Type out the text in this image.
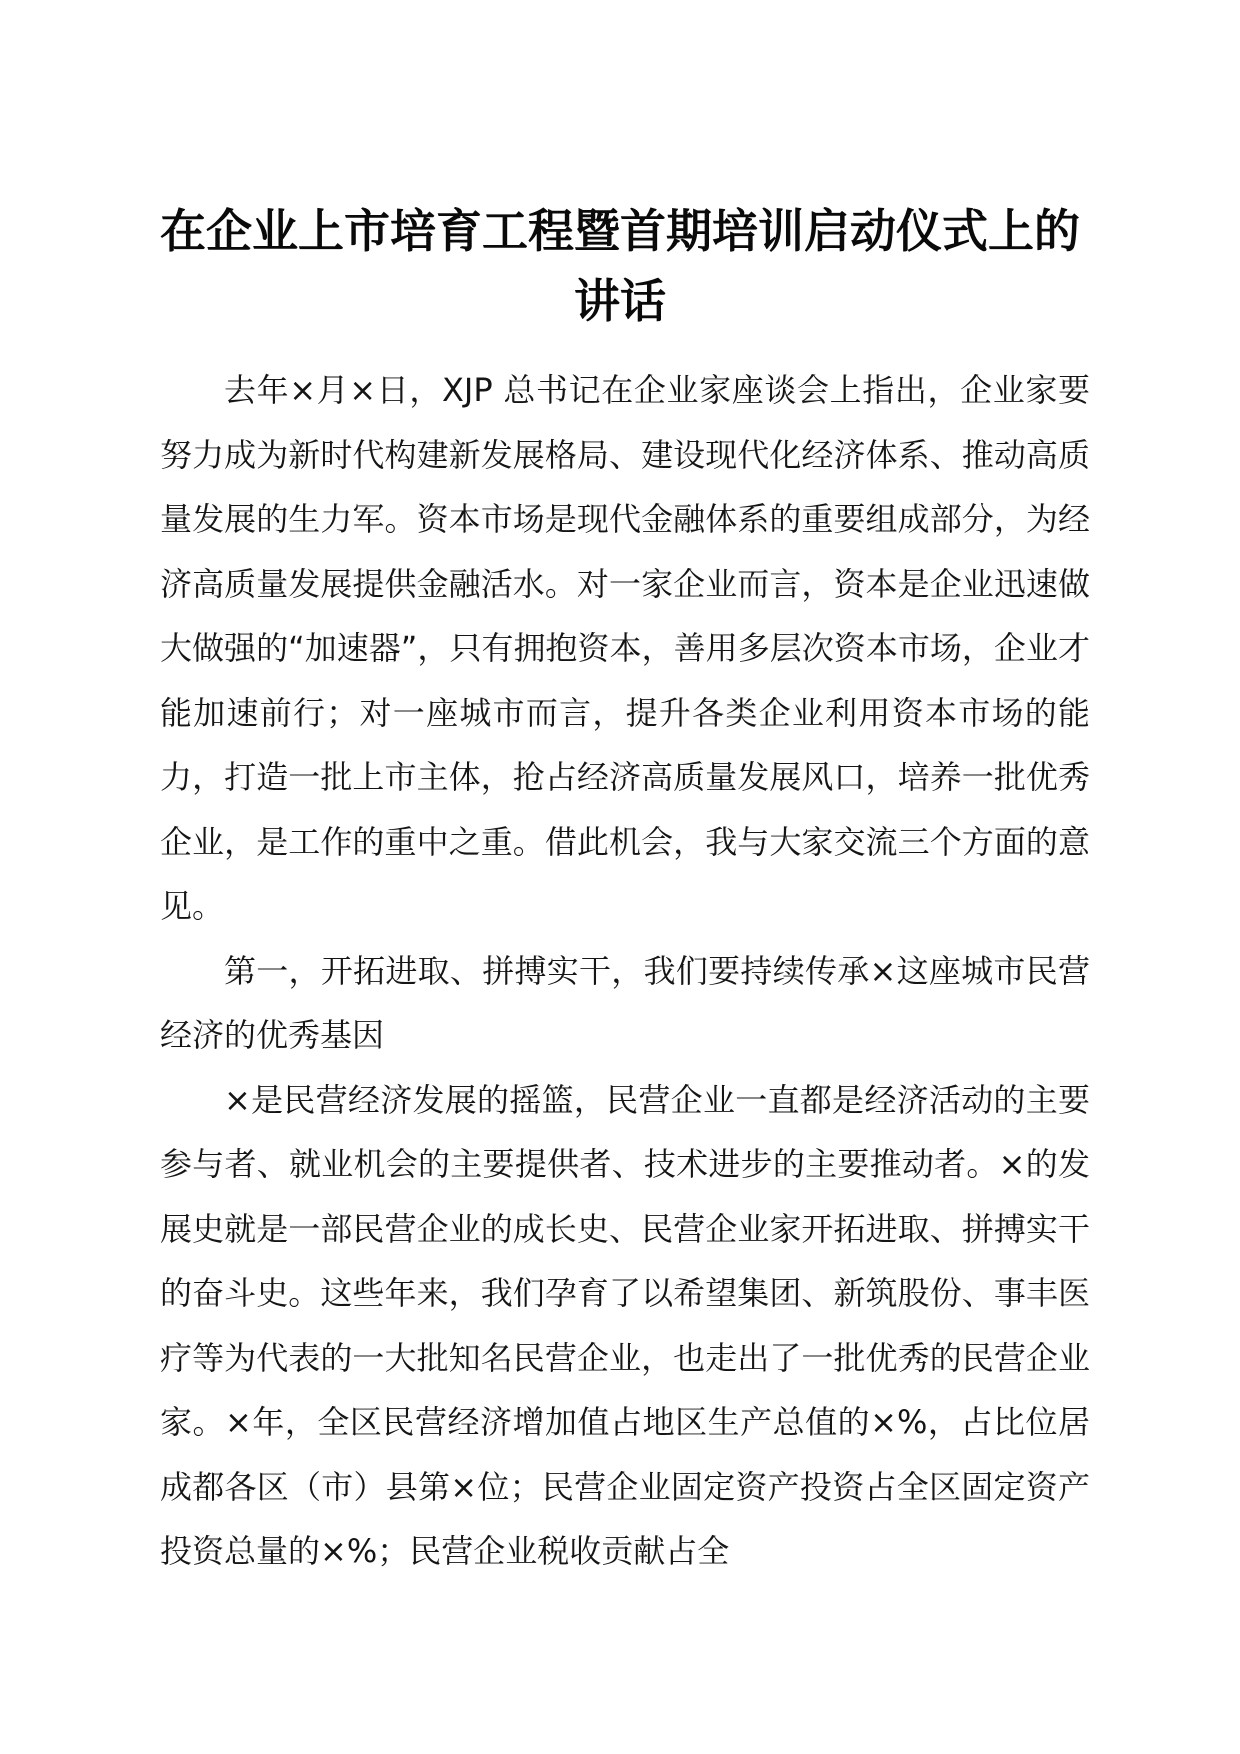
在企业上市培育工程暨首期培训启动仪式上的
讲话

去年×月×日，XJP 总书记在企业家座谈会上指出，企业家要努力成为新时代构建新发展格局、建设现代化经济体系、推动高质量发展的生力军。资本市场是现代金融体系的重要组成部分，为经济高质量发展提供金融活水。对一家企业而言，资本是企业迅速做大做强的“加速器”，只有拥抱资本，善用多层次资本市场，企业才能加速前行；对一座城市而言，提升各类企业利用资本市场的能力，打造一批上市主体，抢占经济高质量发展风口，培养一批优秀企业，是工作的重中之重。借此机会，我与大家交流三个方面的意见。

第一，开拓进取、拼搏实干，我们要持续传承×这座城市民营经济的优秀基因

×是民营经济发展的摇篮，民营企业一直都是经济活动的主要参与者、就业机会的主要提供者、技术进步的主要推动者。×的发展史就是一部民营企业的成长史、民营企业家开拓进取、拼搏实干的奋斗史。这些年来，我们孕育了以希望集团、新筑股份、事丰医疗等为代表的一大批知名民营企业，也走出了一批优秀的民营企业家。×年，全区民营经济增加值占地区生产总值的×%，占比位居成都各区（市）县第×位；民营企业固定资产投资占全区固定资产投资总量的×%；民营企业税收贡献占全
